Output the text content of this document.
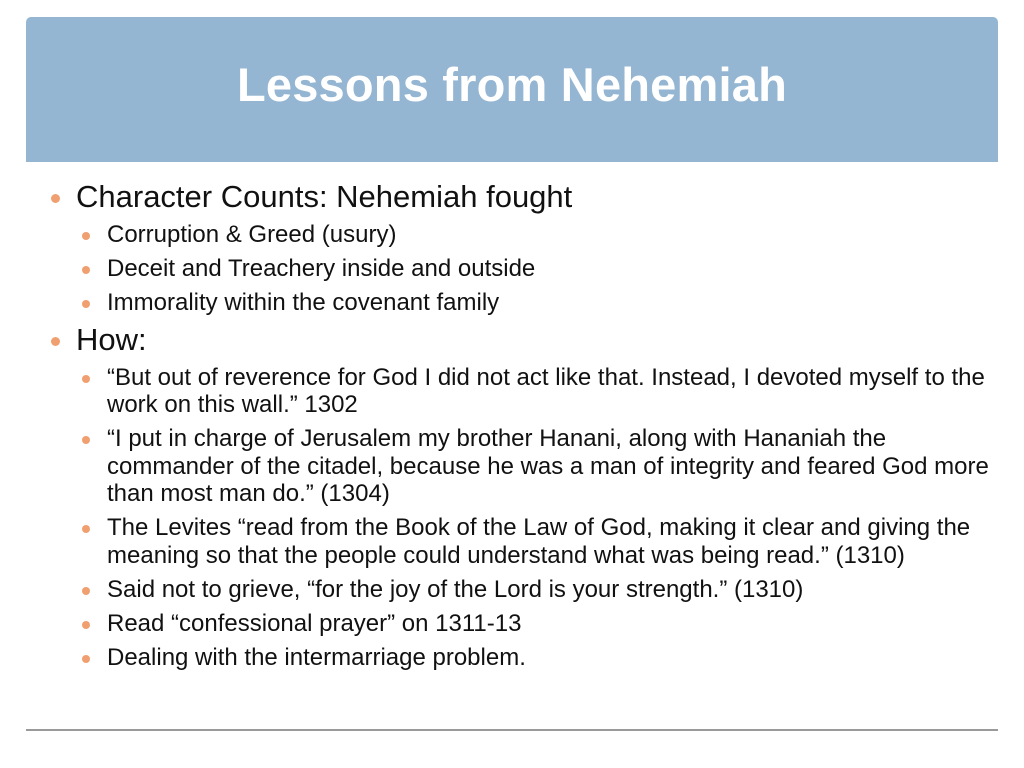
Lessons from Nehemiah
Character Counts: Nehemiah fought
Corruption & Greed (usury)
Deceit and Treachery inside and outside
Immorality within the covenant family
How:
“But out of reverence for God I did not act like that. Instead, I devoted myself to the work on this wall.” 1302
“I put in charge of Jerusalem my brother Hanani, along with Hananiah the commander of the citadel, because he was a man of integrity and feared God more than most man do.” (1304)
The Levites “read from the Book of the Law of God, making it clear and giving the meaning so that the people could understand what was being read.” (1310)
Said not to grieve, “for the joy of the Lord is your strength.” (1310)
Read “confessional prayer” on 1311-13
Dealing with the intermarriage problem.
